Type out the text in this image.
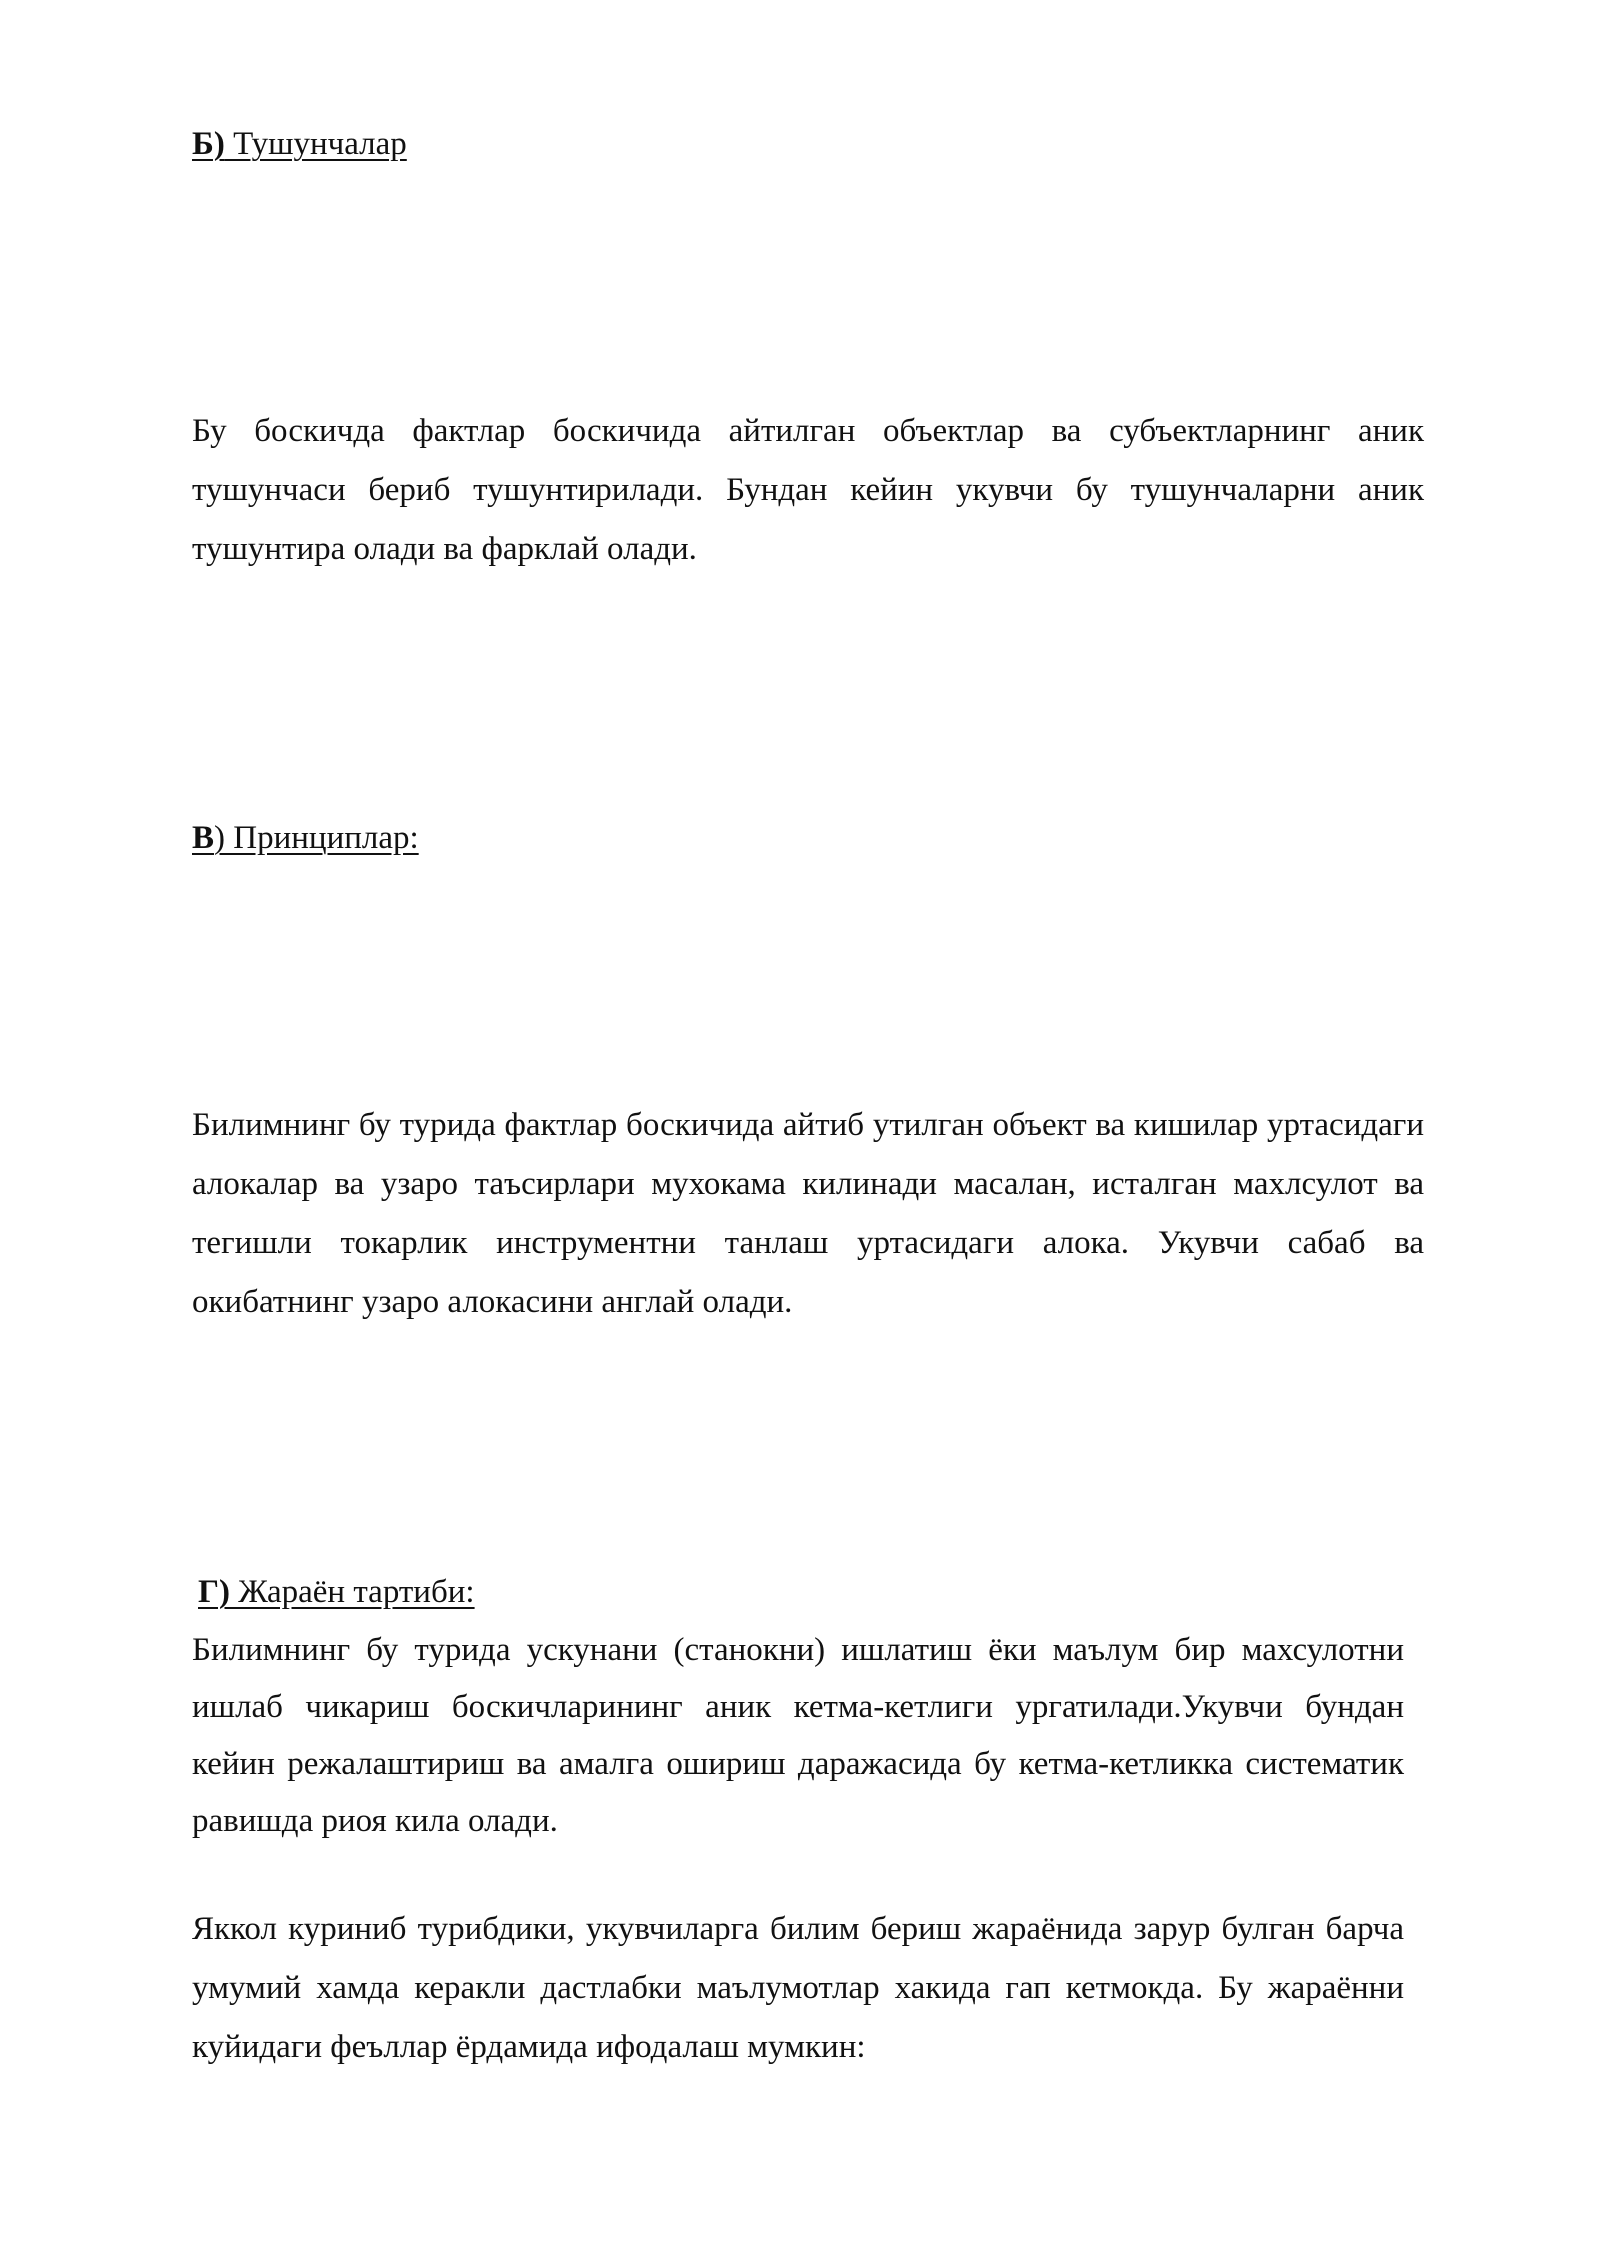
Б) Тушунчалар

Бу боскичда фактлар боскичида айтилган объектлар ва субъектларнинг аник тушунчаси бериб тушунтирилади. Бундан кейин укувчи бу тушунчаларни аник тушунтира олади ва фарклай олади.

В) Принциплар:

Билимнинг бу турида фактлар боскичида айтиб утилган объект ва кишилар уртасидаги алокалар ва узаро таъсирлари мухокама килинади масалан, исталган махлсулот ва тегишли токарлик инструментни танлаш уртасидаги алока. Укувчи сабаб ва окибатнинг узаро алокасини англай олади.

Г) Жараён тартиби:

Билимнинг бу турида ускунани (станокни) ишлатиш ёки маълум бир махсулотни ишлаб чикариш боскичларининг аник кетма-кетлиги ургатилади.Укувчи бундан кейин режалаштириш ва амалга ошириш даражасида бу кетма-кетликка систематик равишда риоя кила олади.

Яккол куриниб турибдики, укувчиларга билим бериш жараёнида зарур булган барча умумий хамда керакли дастлабки маълумотлар хакида гап кетмокда. Бу жараённи куйидаги феъллар ёрдамида ифодалаш мумкин:
